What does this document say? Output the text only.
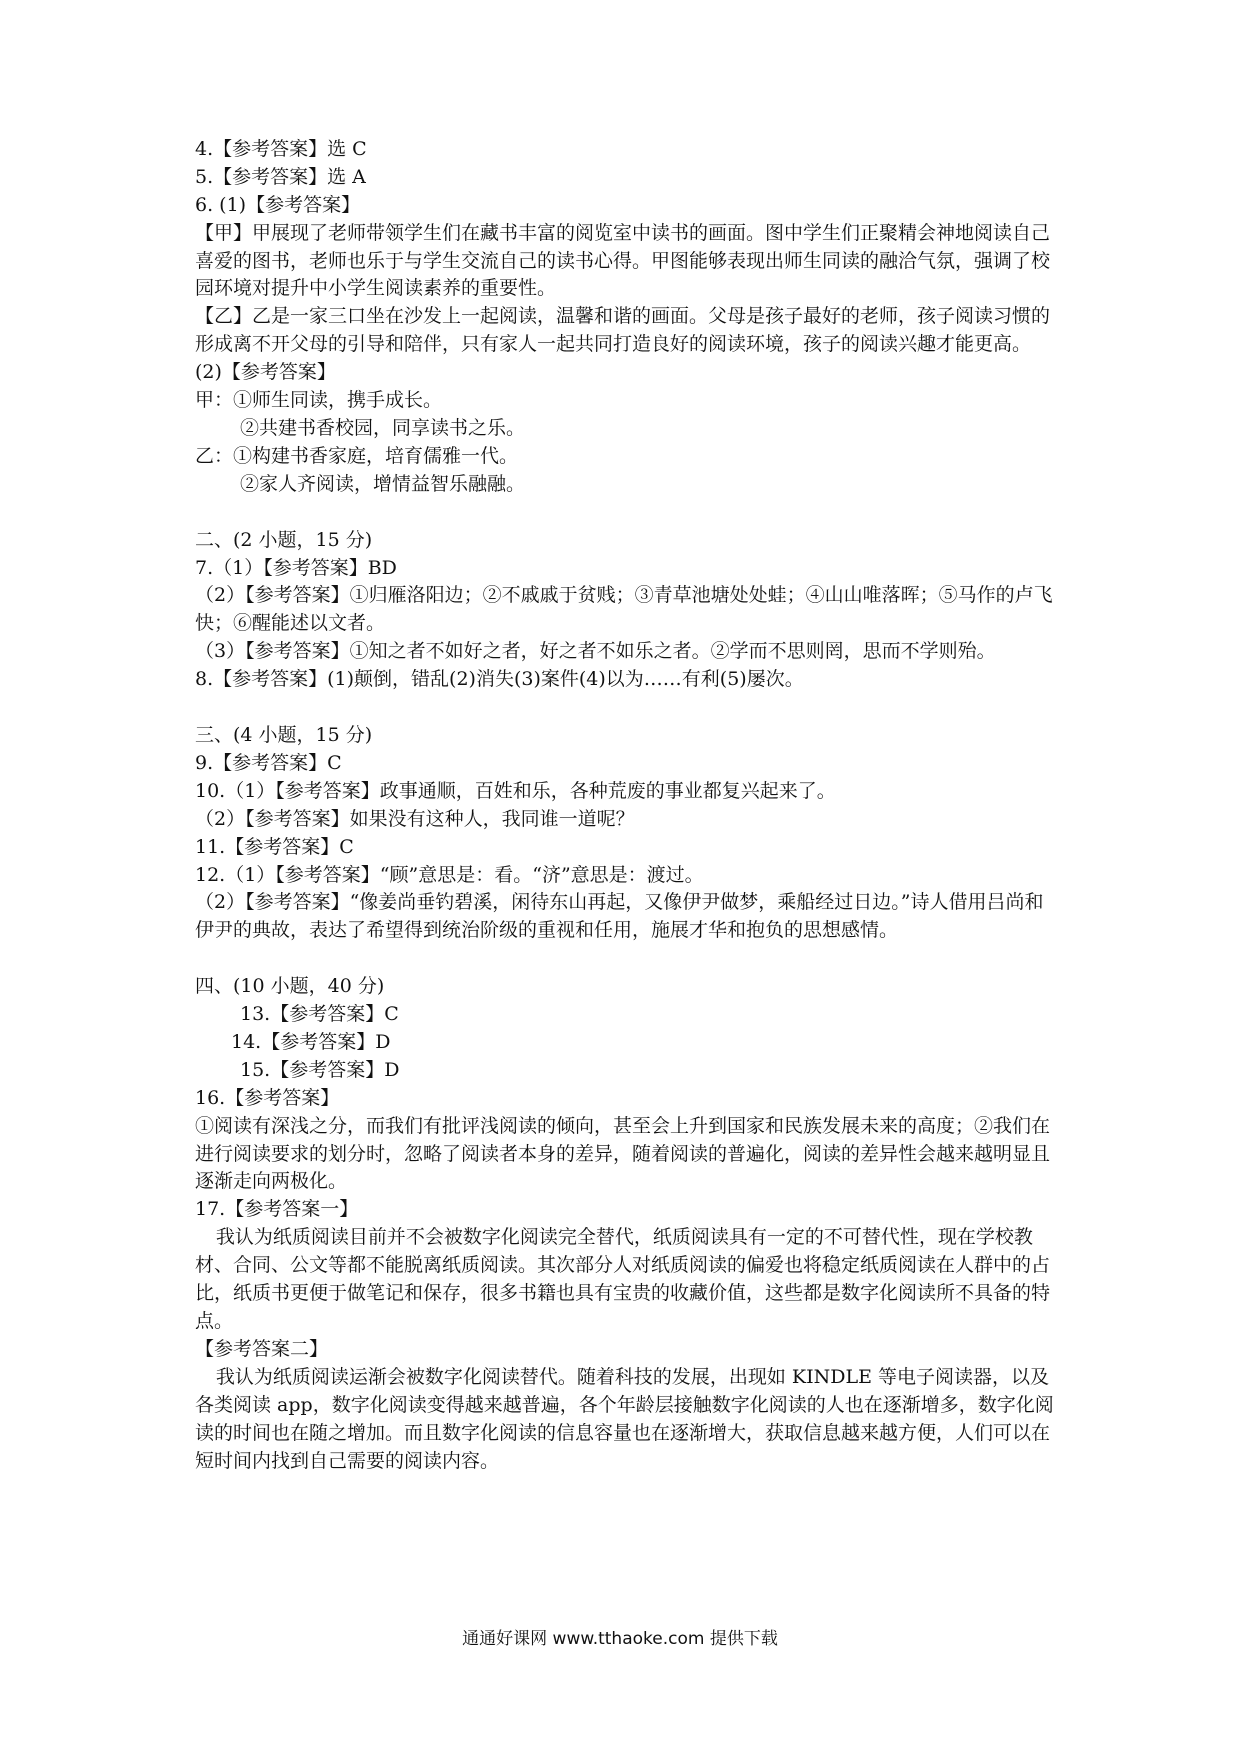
4.【参考答案】选 C
5.【参考答案】选 A
6. (1)【参考答案】
【甲】甲展现了老师带领学生们在藏书丰富的阅览室中读书的画面。图中学生们正聚精会神地阅读自己喜爱的图书，老师也乐于与学生交流自己的读书心得。甲图能够表现出师生同读的融洽气氛，强调了校园环境对提升中小学生阅读素养的重要性。
【乙】乙是一家三口坐在沙发上一起阅读，温馨和谐的画面。父母是孩子最好的老师，孩子阅读习惯的形成离不开父母的引导和陪伴，只有家人一起共同打造良好的阅读环境，孩子的阅读兴趣才能更高。
(2)【参考答案】
甲：①师生同读，携手成长。
②共建书香校园，同享读书之乐。
乙：①构建书香家庭，培育儒雅一代。
②家人齐阅读，增情益智乐融融。
二、(2 小题，15 分)
7.（1）【参考答案】BD
（2）【参考答案】①归雁洛阳边；②不戚戚于贫贱；③青草池塘处处蛙；④山山唯落晖；⑤马作的卢飞快；⑥醒能述以文者。
（3）【参考答案】①知之者不如好之者，好之者不如乐之者。②学而不思则罔，思而不学则殆。
8.【参考答案】(1)颠倒，错乱(2)消失(3)案件(4)以为……有利(5)屡次。
三、(4 小题，15 分)
9.【参考答案】C
10.（1）【参考答案】政事通顺，百姓和乐，各种荒废的事业都复兴起来了。
（2）【参考答案】如果没有这种人，我同谁一道呢？
11.【参考答案】C
12.（1）【参考答案】“顾”意思是：看。“济”意思是：渡过。
（2）【参考答案】“像姜尚垂钓碧溪，闲待东山再起，又像伊尹做梦，乘船经过日边。”诗人借用吕尚和伊尹的典故，表达了希望得到统治阶级的重视和任用，施展才华和抱负的思想感情。
四、(10 小题，40 分)
13.【参考答案】C
14.【参考答案】D
15.【参考答案】D
16.【参考答案】
①阅读有深浅之分，而我们有批评浅阅读的倾向，甚至会上升到国家和民族发展未来的高度；②我们在进行阅读要求的划分时，忽略了阅读者本身的差异，随着阅读的普遍化，阅读的差异性会越来越明显且逐渐走向两极化。
17.【参考答案一】
我认为纸质阅读目前并不会被数字化阅读完全替代，纸质阅读具有一定的不可替代性，现在学校教材、合同、公文等都不能脱离纸质阅读。其次部分人对纸质阅读的偏爱也将稳定纸质阅读在人群中的占比，纸质书更便于做笔记和保存，很多书籍也具有宝贵的收藏价值，这些都是数字化阅读所不具备的特点。
【参考答案二】
我认为纸质阅读运渐会被数字化阅读替代。随着科技的发展，出现如 KINDLE 等电子阅读器，以及各类阅读 app，数字化阅读变得越来越普遍，各个年龄层接触数字化阅读的人也在逐渐增多，数字化阅读的时间也在随之增加。而且数字化阅读的信息容量也在逐渐增大，获取信息越来越方便，人们可以在短时间内找到自己需要的阅读内容。
通通好课网 www.tthaoke.com 提供下载
